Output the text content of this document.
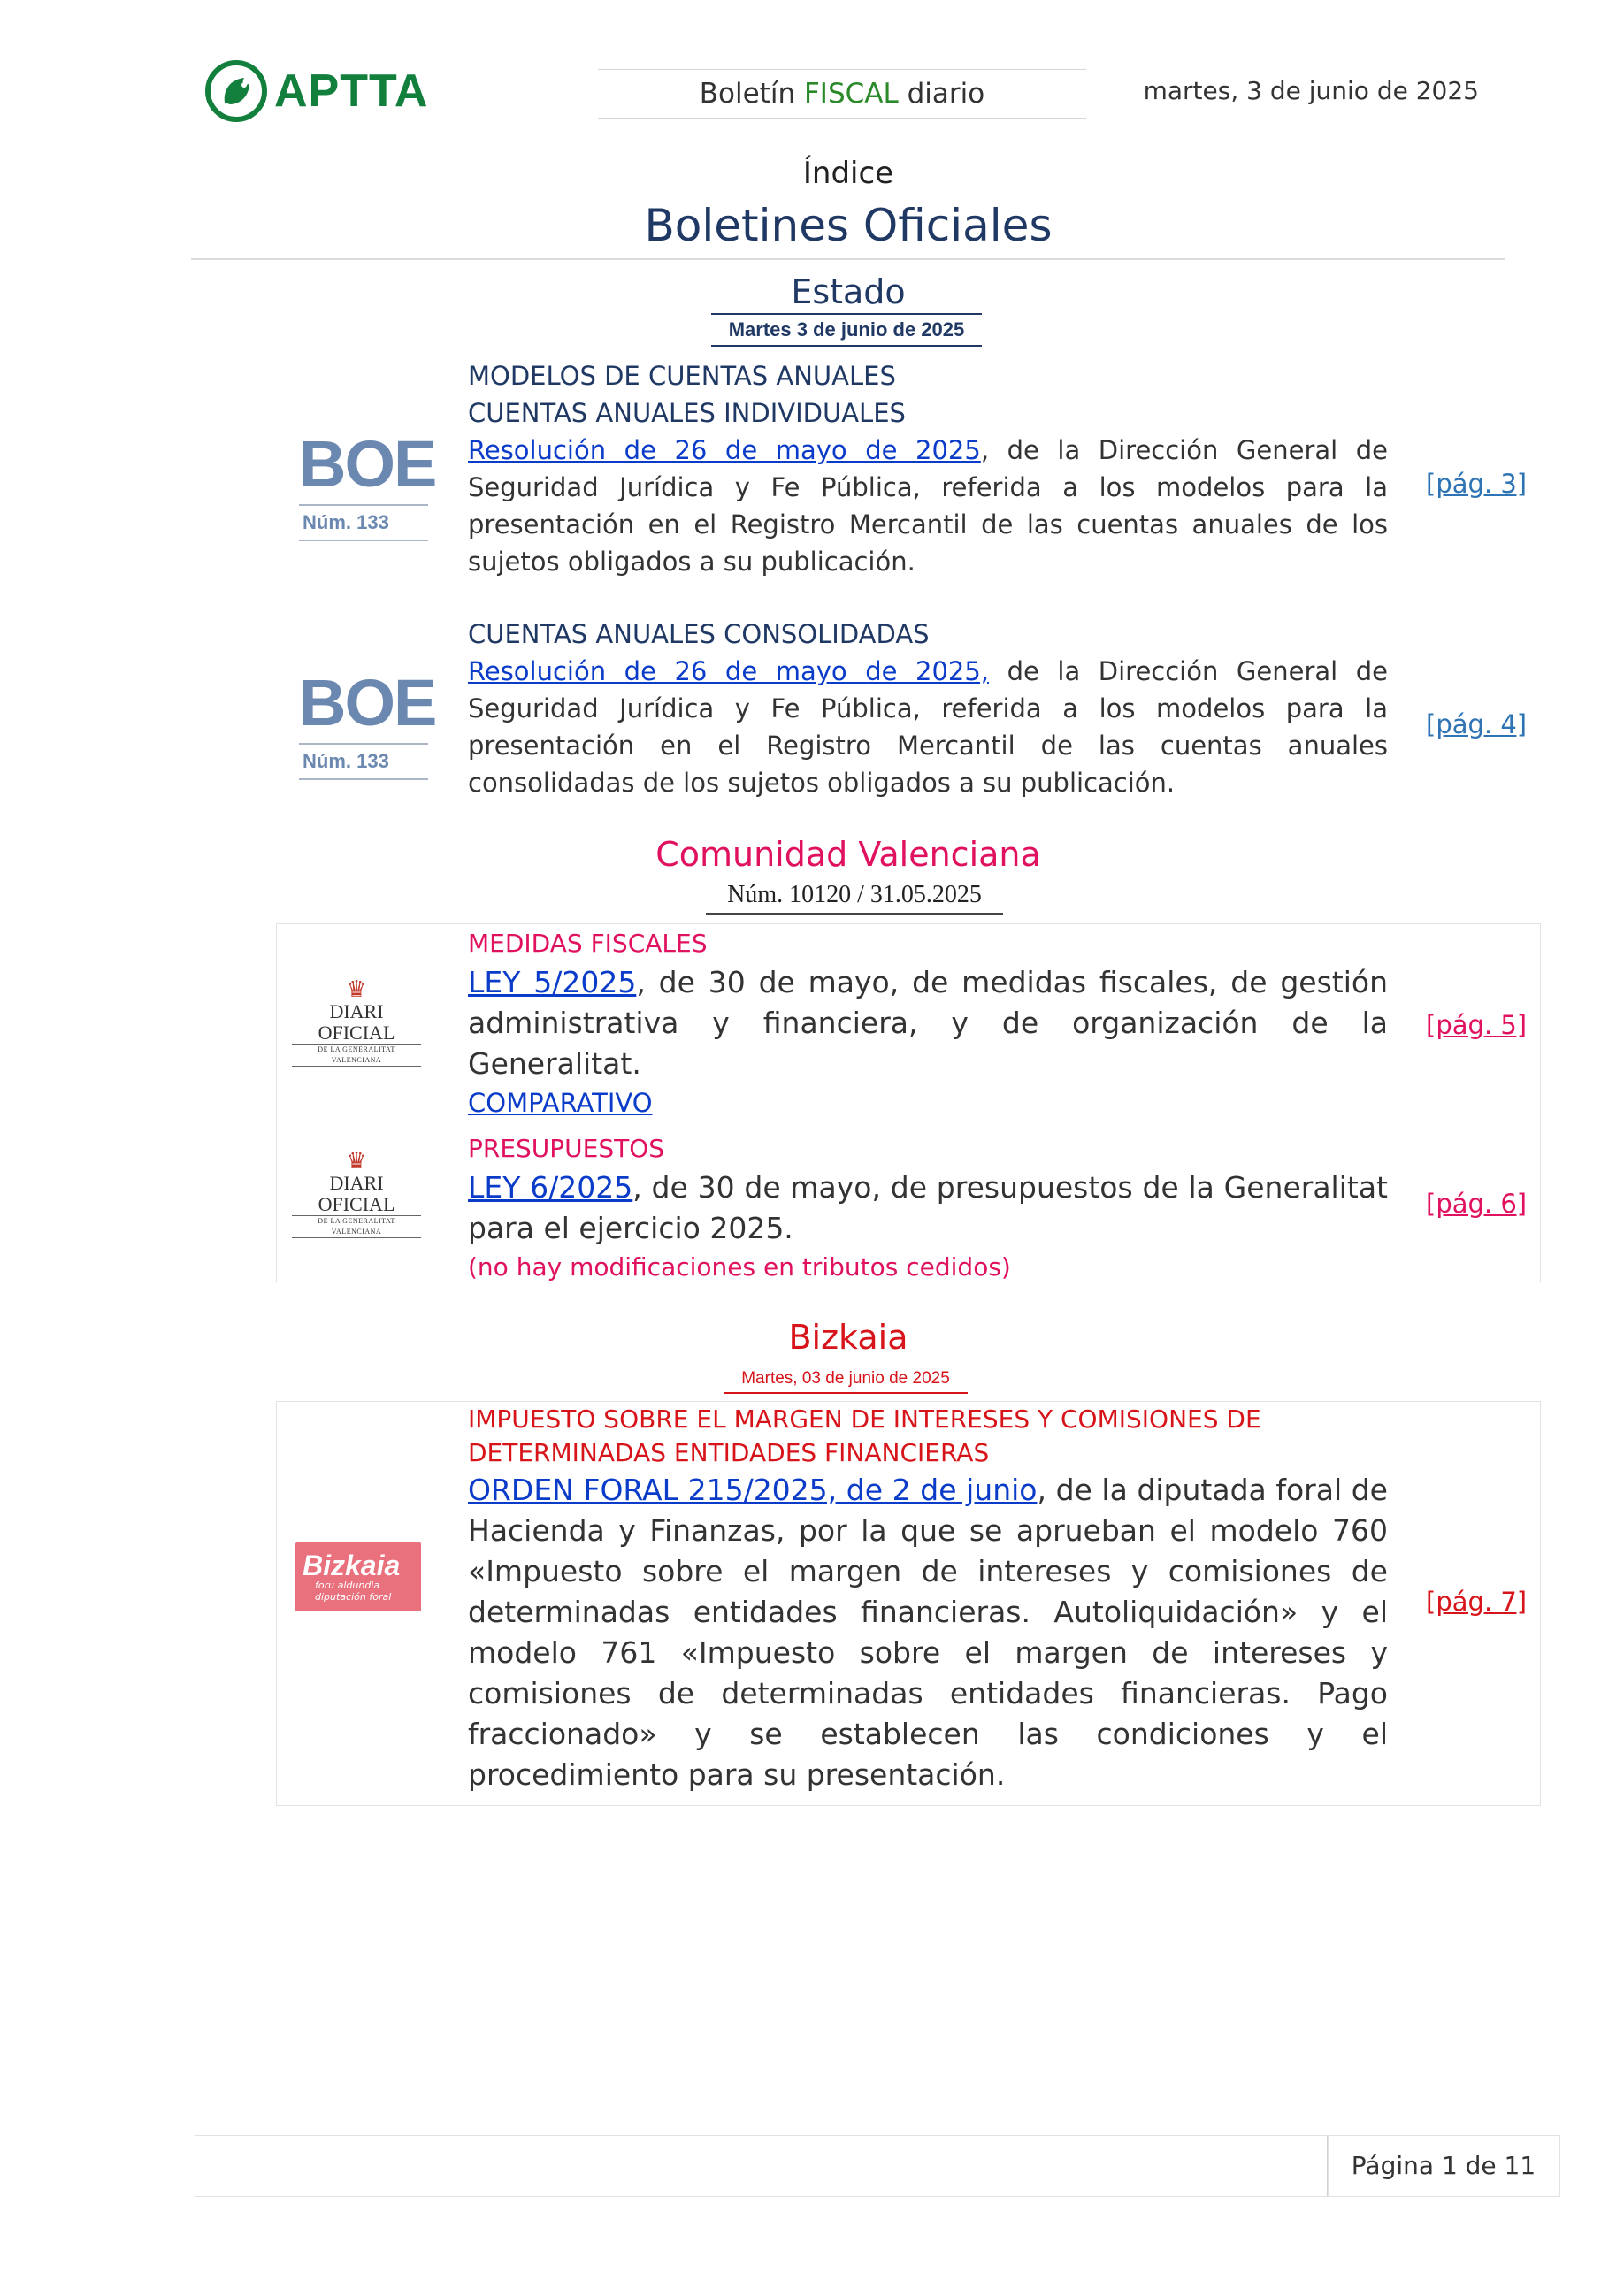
APTTA	Boletín FISCAL diario	martes, 3 de junio de 2025
Índice
Boletines Oficiales
Estado
Martes 3 de junio de 2025
BOE
Núm. 133
MODELOS DE CUENTAS ANUALES
CUENTAS ANUALES INDIVIDUALES
Resolución de 26 de mayo de 2025, de la Dirección General de Seguridad Jurídica y Fe Pública, referida a los modelos para la presentación en el Registro Mercantil de las cuentas anuales de los sujetos obligados a su publicación.
[pág. 3]
BOE
Núm. 133
CUENTAS ANUALES CONSOLIDADAS
Resolución de 26 de mayo de 2025, de la Dirección General de Seguridad Jurídica y Fe Pública, referida a los modelos para la presentación en el Registro Mercantil de las cuentas anuales consolidadas de los sujetos obligados a su publicación.
[pág. 4]
Comunidad Valenciana
Núm. 10120 / 31.05.2025
♛
DIARI OFICIAL
DE LA GENERALITAT VALENCIANA
MEDIDAS FISCALES
LEY 5/2025, de 30 de mayo, de medidas fiscales, de gestión administrativa y financiera, y de organización de la Generalitat.
COMPARATIVO
[pág. 5]
♛
DIARI OFICIAL
DE LA GENERALITAT VALENCIANA
PRESUPUESTOS
LEY 6/2025, de 30 de mayo, de presupuestos de la Generalitat para el ejercicio 2025.
(no hay modificaciones en tributos cedidos)
[pág. 6]
Bizkaia
Martes, 03 de junio de 2025
Bizkaia
foru aldundia
diputación foral
IMPUESTO SOBRE EL MARGEN DE INTERESES Y COMISIONES DE DETERMINADAS ENTIDADES FINANCIERAS
ORDEN FORAL 215/2025, de 2 de junio, de la diputada foral de Hacienda y Finanzas, por la que se aprueban el modelo 760 «Impuesto sobre el margen de intereses y comisiones de determinadas entidades financieras. Autoliquidación» y el modelo 761 «Impuesto sobre el margen de intereses y comisiones de determinadas entidades financieras. Pago fraccionado» y se establecen las condiciones y el procedimiento para su presentación.
[pág. 7]
Página 1 de 11
